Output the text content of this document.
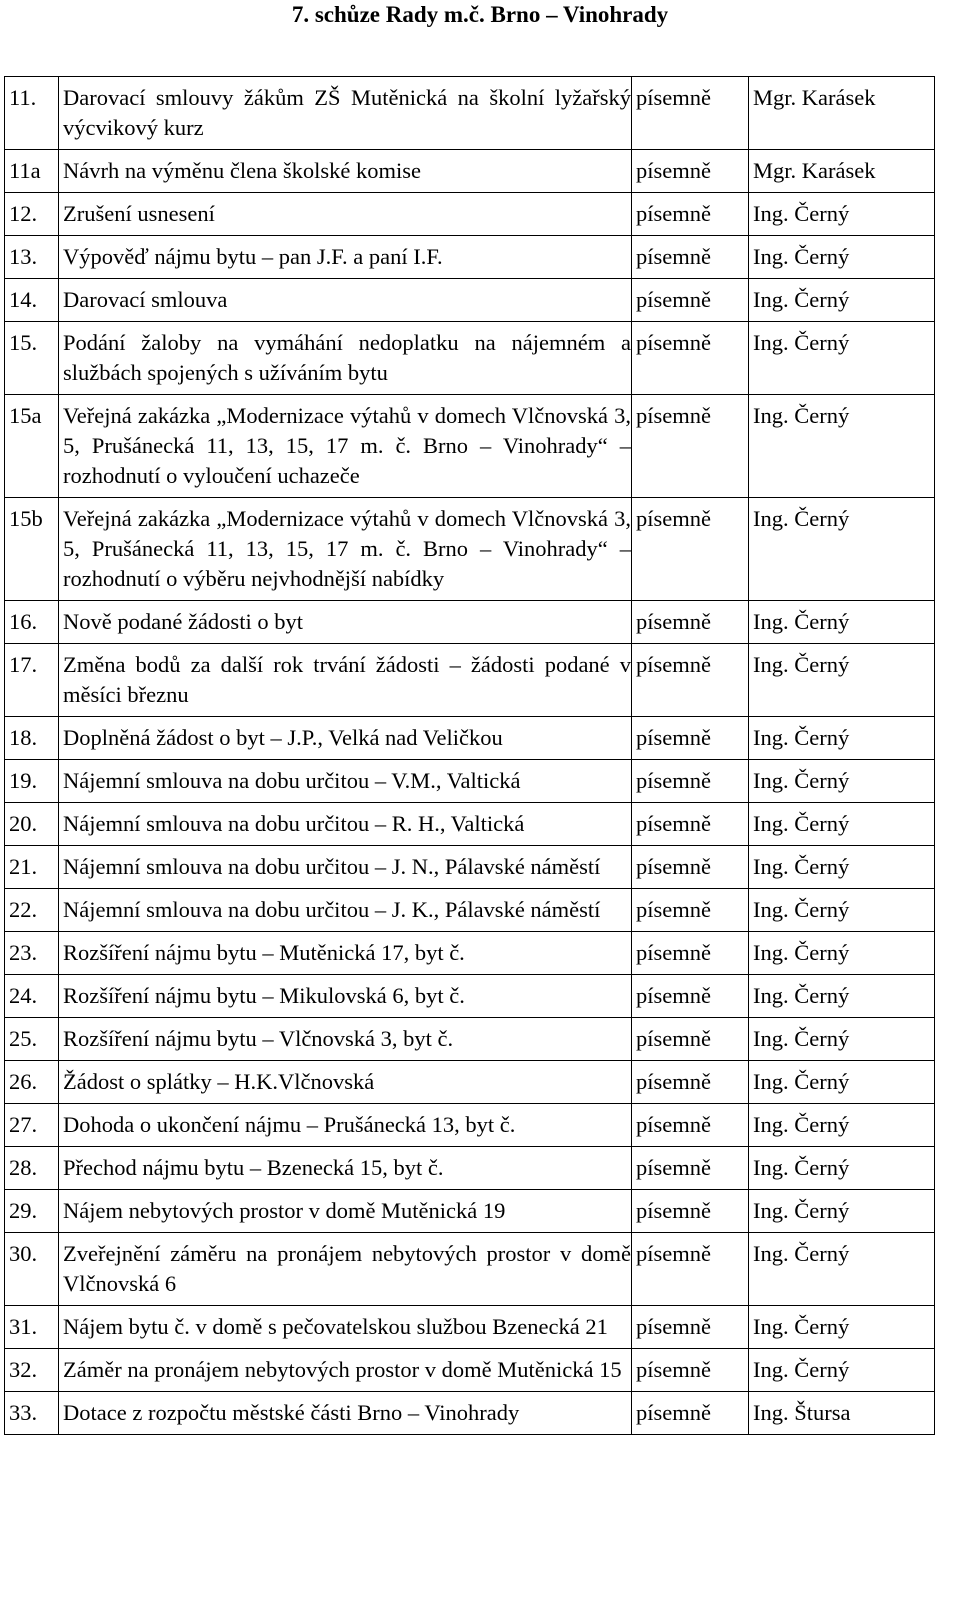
7. schůze Rady m.č. Brno – Vinohrady
11.	Darovací smlouvy žákům ZŠ Mutěnická na školní lyžařský výcvikový kurz	písemně	Mgr. Karásek
11a	Návrh na výměnu člena školské komise	písemně	Mgr. Karásek
12.	Zrušení usnesení	písemně	Ing. Černý
13.	Výpověď nájmu bytu – pan J.F. a paní I.F.	písemně	Ing. Černý
14.	Darovací smlouva	písemně	Ing. Černý
15.	Podání žaloby na vymáhání nedoplatku na nájemném a službách spojených s užíváním bytu	písemně	Ing. Černý
15a	Veřejná zakázka „Modernizace výtahů v domech Vlčnovská 3, 5, Prušánecká 11, 13, 15, 17 m. č. Brno – Vinohrady“ – rozhodnutí o vyloučení uchazeče	písemně	Ing. Černý
15b	Veřejná zakázka „Modernizace výtahů v domech Vlčnovská 3, 5, Prušánecká 11, 13, 15, 17 m. č. Brno – Vinohrady“ – rozhodnutí o výběru nejvhodnější nabídky	písemně	Ing. Černý
16.	Nově podané žádosti o byt	písemně	Ing. Černý
17.	Změna bodů za další rok trvání žádosti – žádosti podané v měsíci březnu	písemně	Ing. Černý
18.	Doplněná žádost o byt – J.P., Velká nad Veličkou	písemně	Ing. Černý
19.	Nájemní smlouva na dobu určitou – V.M., Valtická	písemně	Ing. Černý
20.	Nájemní smlouva na dobu určitou – R. H., Valtická	písemně	Ing. Černý
21.	Nájemní smlouva na dobu určitou – J. N., Pálavské náměstí	písemně	Ing. Černý
22.	Nájemní smlouva na dobu určitou – J. K., Pálavské náměstí	písemně	Ing. Černý
23.	Rozšíření nájmu bytu – Mutěnická 17, byt č.	písemně	Ing. Černý
24.	Rozšíření nájmu bytu – Mikulovská 6, byt č.	písemně	Ing. Černý
25.	Rozšíření nájmu bytu – Vlčnovská 3, byt č.	písemně	Ing. Černý
26.	Žádost o splátky – H.K.Vlčnovská	písemně	Ing. Černý
27.	Dohoda o ukončení nájmu – Prušánecká 13, byt č.	písemně	Ing. Černý
28.	Přechod nájmu bytu – Bzenecká 15, byt č.	písemně	Ing. Černý
29.	Nájem nebytových prostor v domě Mutěnická 19	písemně	Ing. Černý
30.	Zveřejnění záměru na pronájem nebytových prostor v domě Vlčnovská 6	písemně	Ing. Černý
31.	Nájem bytu č. v domě s pečovatelskou službou Bzenecká 21	písemně	Ing. Černý
32.	Záměr na pronájem nebytových prostor v domě Mutěnická 15	písemně	Ing. Černý
33.	Dotace z rozpočtu městské části Brno – Vinohrady	písemně	Ing. Štursa
